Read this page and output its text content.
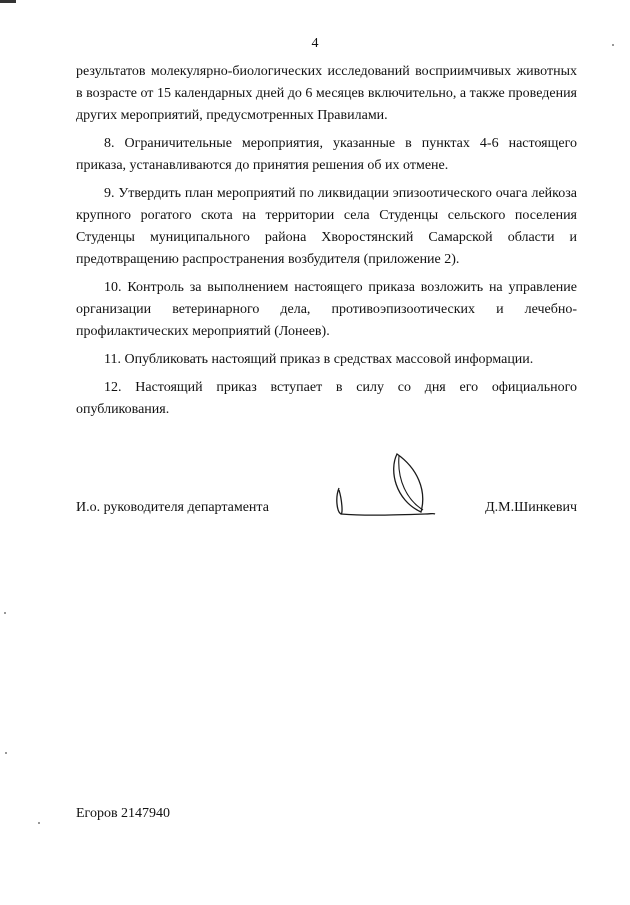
4

результатов молекулярно-биологических исследований восприимчивых животных в возрасте от 15 календарных дней до 6 месяцев включительно, а также проведения других мероприятий, предусмотренных Правилами.

8. Ограничительные мероприятия, указанные в пунктах 4-6 настоящего приказа, устанавливаются до принятия решения об их отмене.

9. Утвердить план мероприятий по ликвидации эпизоотического очага лейкоза крупного рогатого скота на территории села Студенцы сельского поселения Студенцы муниципального района Хворостянский Самарской области и предотвращению распространения возбудителя (приложение 2).

10. Контроль за выполнением настоящего приказа возложить на управление организации ветеринарного дела, противоэпизоотических и лечебно-профилактических мероприятий (Лонеев).

11. Опубликовать настоящий приказ в средствах массовой информации.

12. Настоящий приказ вступает в силу со дня его официального опубликования.

И.о. руководителя департамента	Д.М.Шинкевич
Егоров 2147940
